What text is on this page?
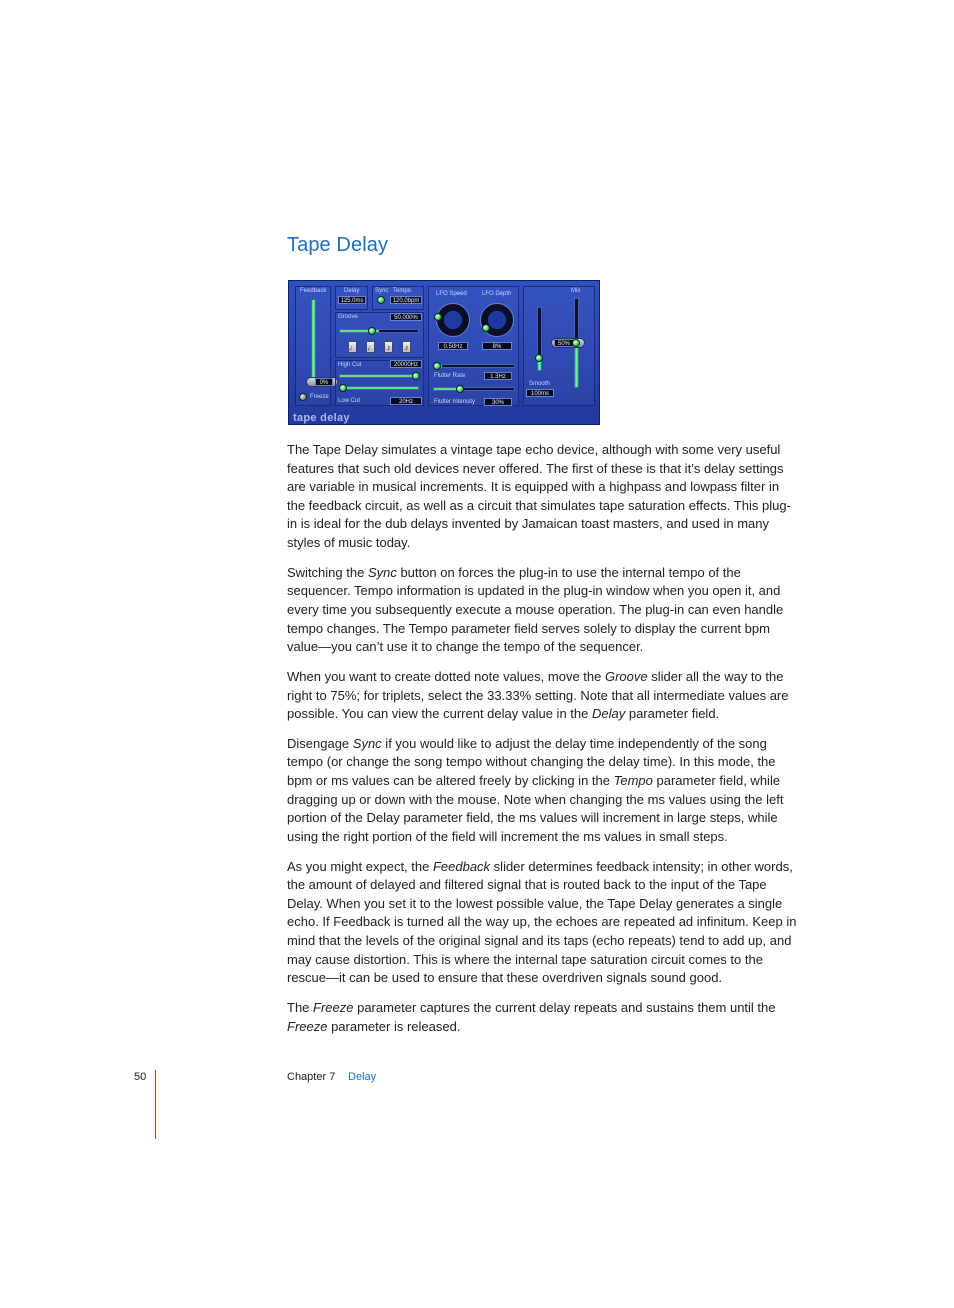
Tape Delay
Feedback
0%
Freeze
Delay
125.0ms
Sync Tempo
120.0bpm
Groove	50.000%
♩ ♩	♪	♪
High Cut	20000Hz
Low Cut	20Hz
LFO Speed	LFO Depth
0.50Hz	8%
Flutter Rate	1.3Hz
Flutter Intensity	30%
Smooth
100ms
Mix
50%
tape delay

The Tape Delay simulates a vintage tape echo device, although with some very useful features that such old devices never offered. The first of these is that it’s delay settings are variable in musical increments. It is equipped with a highpass and lowpass filter in the feedback circuit, as well as a circuit that simulates tape saturation effects. This plug-in is ideal for the dub delays invented by Jamaican toast masters, and used in many styles of music today.

Switching the Sync button on forces the plug-in to use the internal tempo of the sequencer. Tempo information is updated in the plug-in window when you open it, and every time you subsequently execute a mouse operation. The plug-in can even handle tempo changes. The Tempo parameter field serves solely to display the current bpm value—you can’t use it to change the tempo of the sequencer.

When you want to create dotted note values, move the Groove slider all the way to the right to 75%; for triplets, select the 33.33% setting. Note that all intermediate values are possible. You can view the current delay value in the Delay parameter field.

Disengage Sync if you would like to adjust the delay time independently of the song tempo (or change the song tempo without changing the delay time). In this mode, the bpm or ms values can be altered freely by clicking in the Tempo parameter field, while dragging up or down with the mouse. Note when changing the ms values using the left portion of the Delay parameter field, the ms values will increment in large steps, while using the right portion of the field will increment the ms values in small steps.

As you might expect, the Feedback slider determines feedback intensity; in other words, the amount of delayed and filtered signal that is routed back to the input of the Tape Delay. When you set it to the lowest possible value, the Tape Delay generates a single echo. If Feedback is turned all the way up, the echoes are repeated ad infinitum. Keep in mind that the levels of the original signal and its taps (echo repeats) tend to add up, and may cause distortion. This is where the internal tape saturation circuit comes to the rescue—it can be used to ensure that these overdriven signals sound good.

The Freeze parameter captures the current delay repeats and sustains them until the Freeze parameter is released.

50	Chapter 7 Delay
